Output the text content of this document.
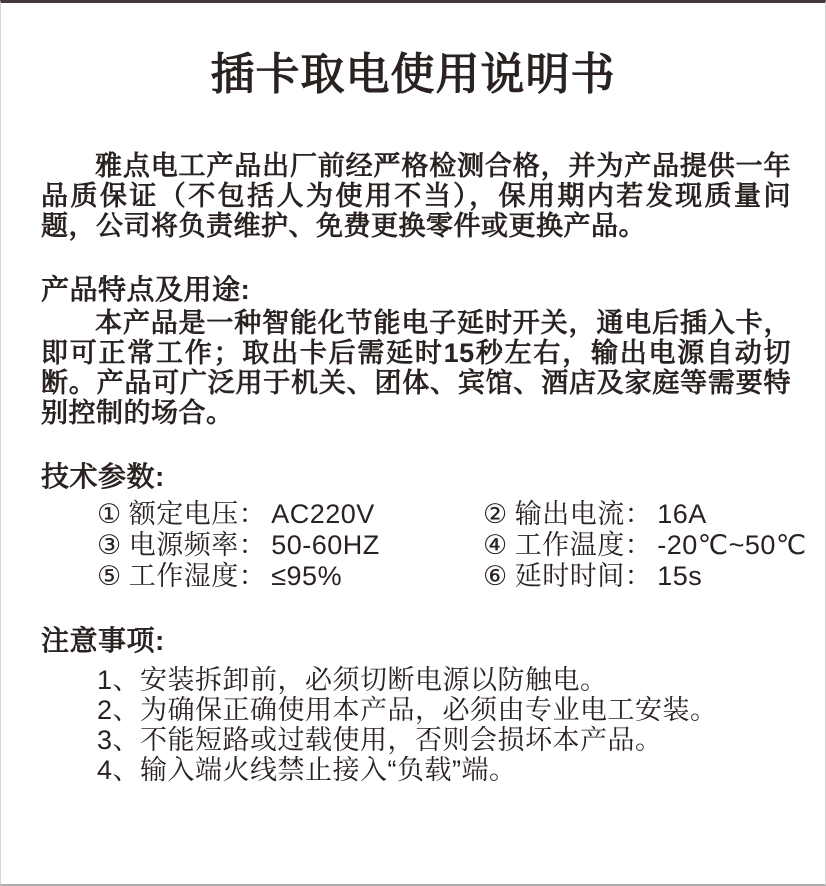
插卡取电使用说明书

雅点电工产品出厂前经严格检测合格，并为产品提供一年品质保证（不包括人为使用不当），保用期内若发现质量问题，公司将负责维护、免费更换零件或更换产品。

产品特点及用途:

本产品是一种智能化节能电子延时开关，通电后插入卡，即可正常工作；取出卡后需延时15秒左右，输出电源自动切断。产品可广泛用于机关、团体、宾馆、酒店及家庭等需要特别控制的场合。

技术参数:
① 额定电压： AC220V	② 输出电流： 16A
③ 电源频率： 50-60HZ	④ 工作温度： -20℃~50℃
⑤ 工作湿度： ≤95%	⑥ 延时时间： 15s
注意事项:

1、安装拆卸前，必须切断电源以防触电。

2、为确保正确使用本产品，必须由专业电工安装。

3、不能短路或过载使用，否则会损坏本产品。

4、输入端火线禁止接入“负载”端。
